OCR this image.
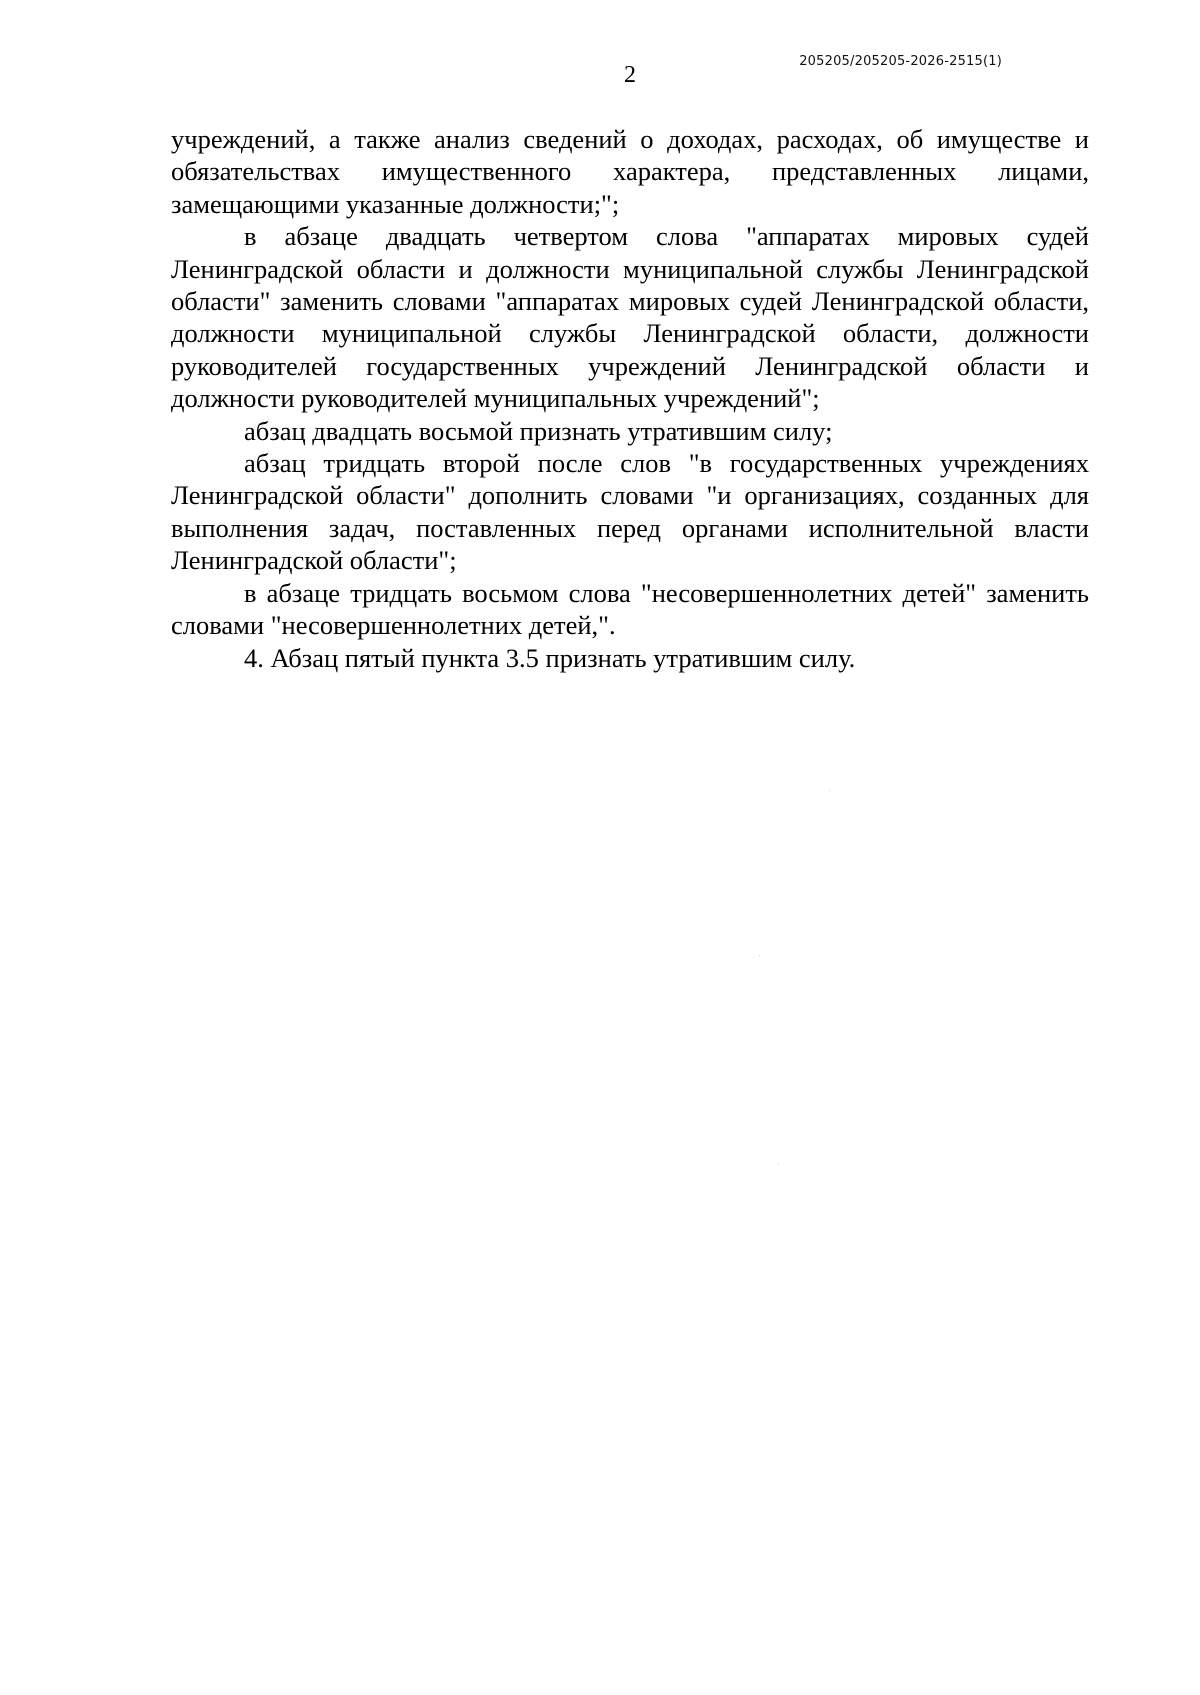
205205/205205-2026-2515(1)
2

учреждений, а также анализ сведений о доходах, расходах, об имуществе и обязательствах имущественного характера, представленных лицами, замещающими указанные должности;";

в абзаце двадцать четвертом слова "аппаратах мировых судей Ленинградской области и должности муниципальной службы Ленинградской области" заменить словами "аппаратах мировых судей Ленинградской области, должности муниципальной службы Ленинградской области, должности руководителей государственных учреждений Ленинградской области и должности руководителей муниципальных учреждений";

абзац двадцать восьмой признать утратившим силу;

абзац тридцать второй после слов "в государственных учреждениях Ленинградской области" дополнить словами "и организациях, созданных для выполнения задач, поставленных перед органами исполнительной власти Ленинградской области";

в абзаце тридцать восьмом слова "несовершеннолетних детей" заменить словами "несовершеннолетних детей,".

4. Абзац пятый пункта 3.5 признать утратившим силу.
